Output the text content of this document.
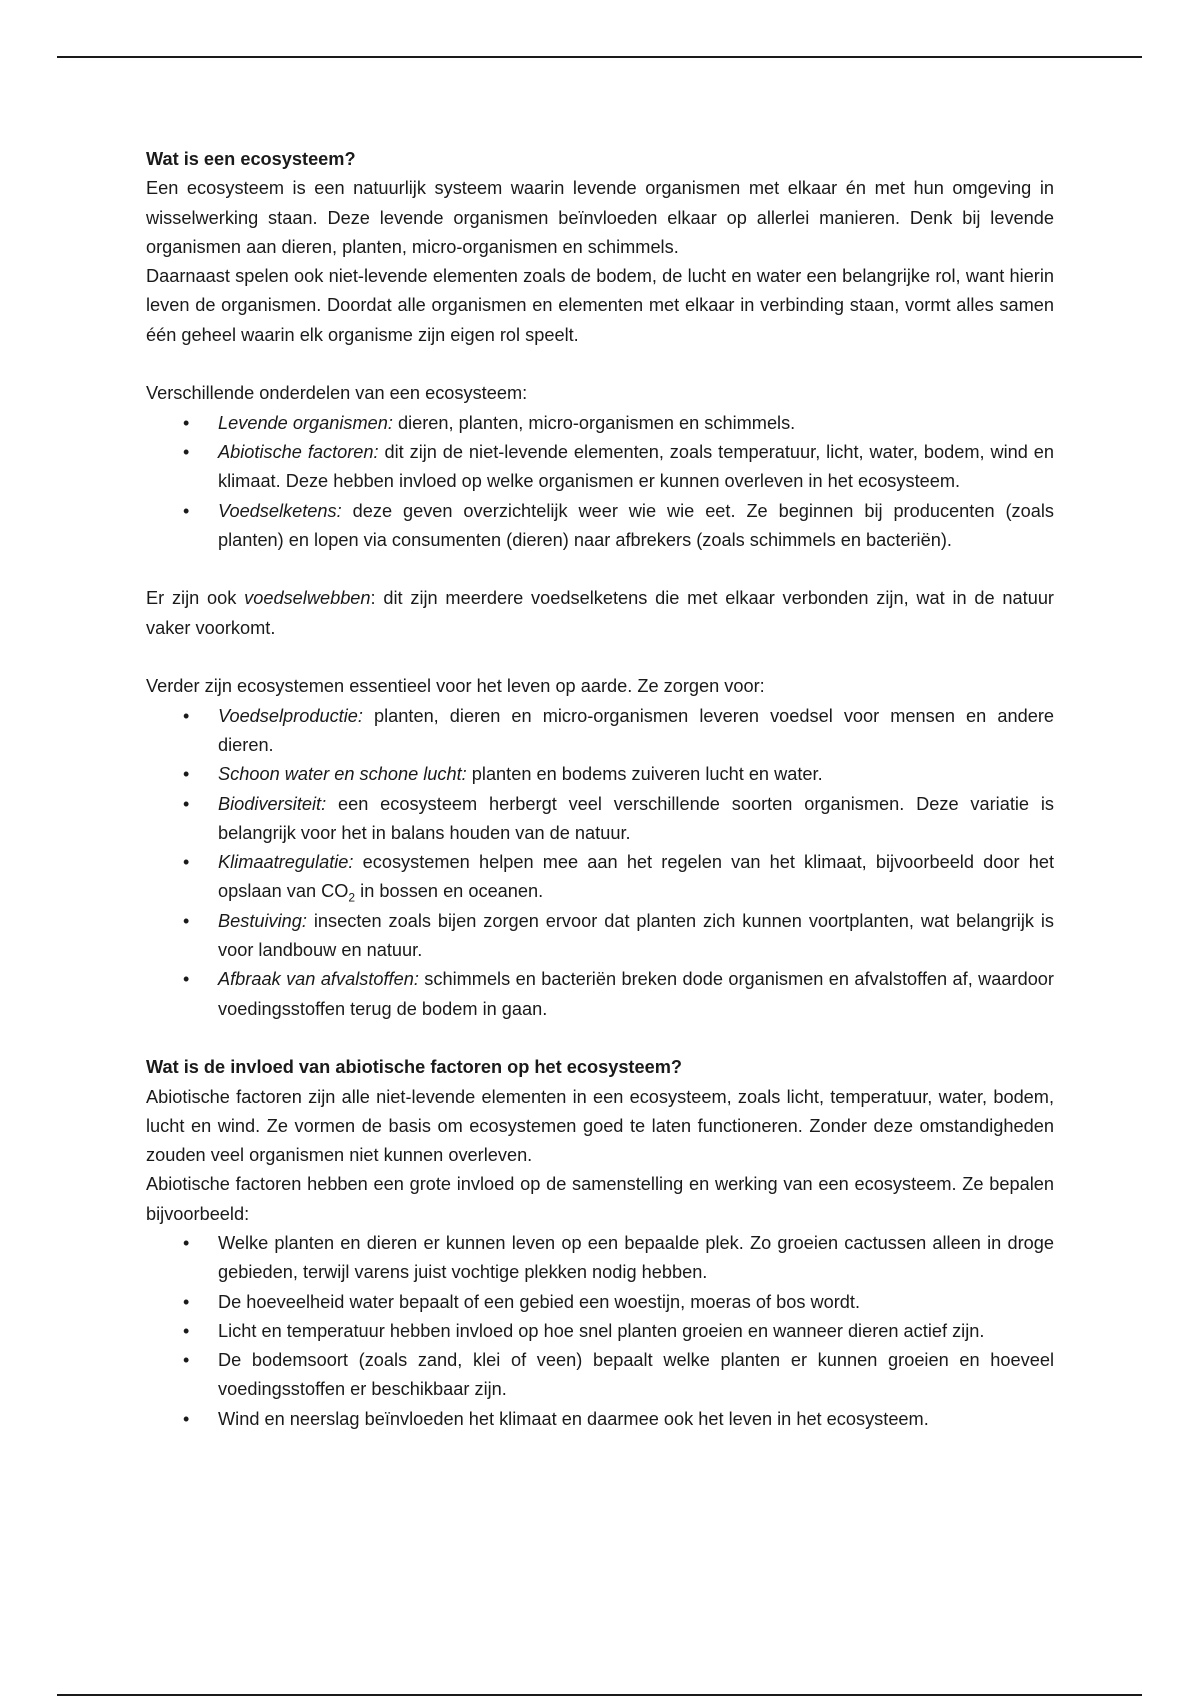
Wat is een ecosysteem?

Een ecosysteem is een natuurlijk systeem waarin levende organismen met elkaar én met hun omgeving in wisselwerking staan. Deze levende organismen beïnvloeden elkaar op allerlei manieren. Denk bij levende organismen aan dieren, planten, micro-organismen en schimmels.

Daarnaast spelen ook niet-levende elementen zoals de bodem, de lucht en water een belangrijke rol, want hierin leven de organismen. Doordat alle organismen en elementen met elkaar in verbinding staan, vormt alles samen één geheel waarin elk organisme zijn eigen rol speelt.

Verschillende onderdelen van een ecosysteem:

• Levende organismen: dieren, planten, micro-organismen en schimmels.
• Abiotische factoren: dit zijn de niet-levende elementen, zoals temperatuur, licht, water, bodem, wind en klimaat. Deze hebben invloed op welke organismen er kunnen overleven in het ecosysteem.
• Voedselketens: deze geven overzichtelijk weer wie wie eet. Ze beginnen bij producenten (zoals planten) en lopen via consumenten (dieren) naar afbrekers (zoals schimmels en bacteriën).

Er zijn ook voedselwebben: dit zijn meerdere voedselketens die met elkaar verbonden zijn, wat in de natuur vaker voorkomt.

Verder zijn ecosystemen essentieel voor het leven op aarde. Ze zorgen voor:

• Voedselproductie: planten, dieren en micro-organismen leveren voedsel voor mensen en andere dieren.
• Schoon water en schone lucht: planten en bodems zuiveren lucht en water.
• Biodiversiteit: een ecosysteem herbergt veel verschillende soorten organismen. Deze variatie is belangrijk voor het in balans houden van de natuur.
• Klimaatregulatie: ecosystemen helpen mee aan het regelen van het klimaat, bijvoorbeeld door het opslaan van $CO_2$ in bossen en oceanen.
• Bestuiving: insecten zoals bijen zorgen ervoor dat planten zich kunnen voortplanten, wat belangrijk is voor landbouw en natuur.
• Afbraak van afvalstoffen: schimmels en bacteriën breken dode organismen en afvalstoffen af, waardoor voedingsstoffen terug de bodem in gaan.
Wat is de invloed van abiotische factoren op het ecosysteem?

Abiotische factoren zijn alle niet-levende elementen in een ecosysteem, zoals licht, temperatuur, water, bodem, lucht en wind. Ze vormen de basis om ecosystemen goed te laten functioneren. Zonder deze omstandigheden zouden veel organismen niet kunnen overleven.

Abiotische factoren hebben een grote invloed op de samenstelling en werking van een ecosysteem. Ze bepalen bijvoorbeeld:

• Welke planten en dieren er kunnen leven op een bepaalde plek. Zo groeien cactussen alleen in droge gebieden, terwijl varens juist vochtige plekken nodig hebben.
• De hoeveelheid water bepaalt of een gebied een woestijn, moeras of bos wordt.
• Licht en temperatuur hebben invloed op hoe snel planten groeien en wanneer dieren actief zijn.
• De bodemsoort (zoals zand, klei of veen) bepaalt welke planten er kunnen groeien en hoeveel voedingsstoffen er beschikbaar zijn.
• Wind en neerslag beïnvloeden het klimaat en daarmee ook het leven in het ecosysteem.
